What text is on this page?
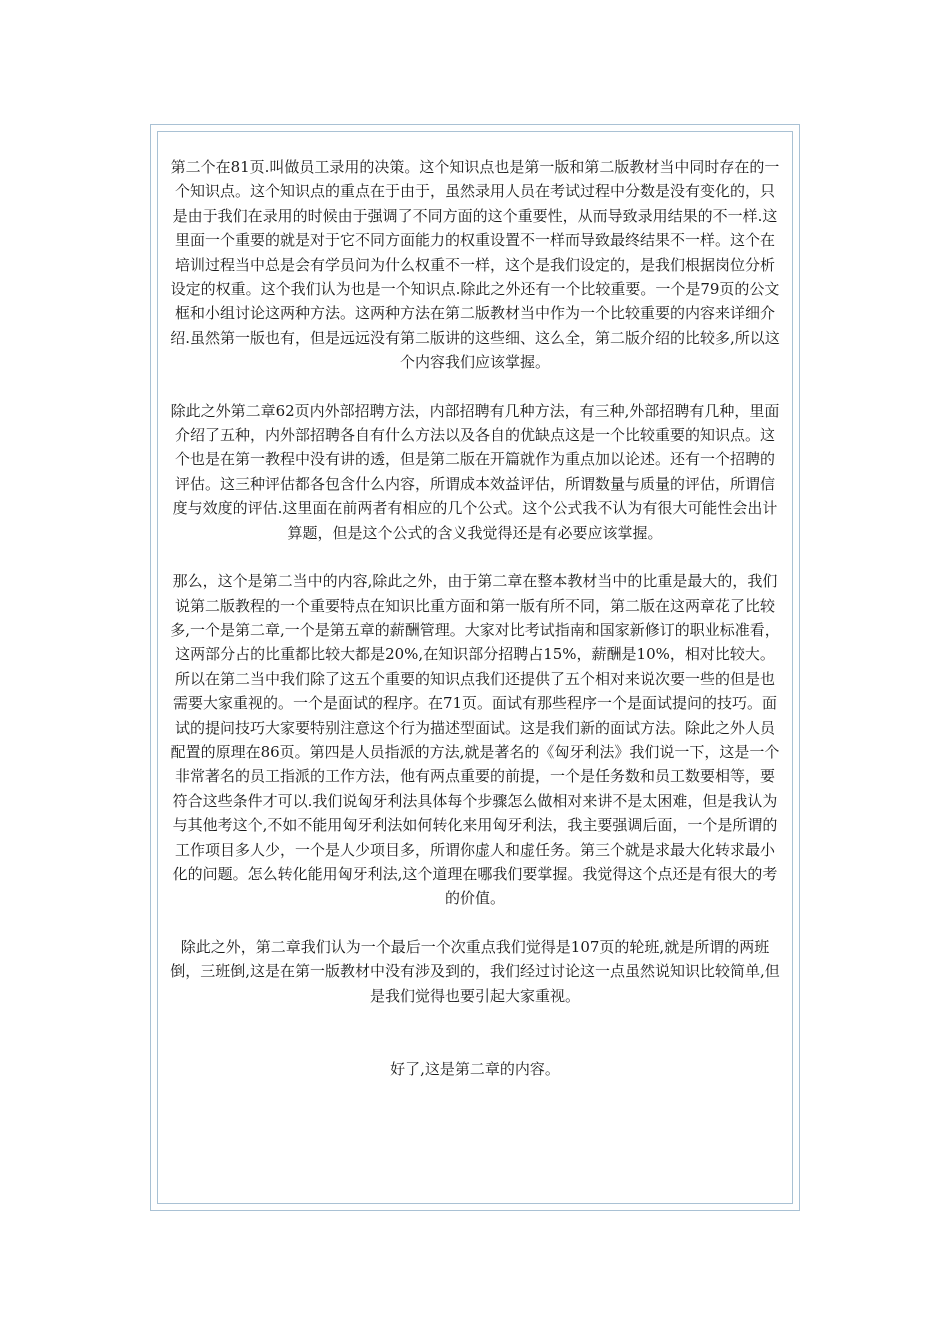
第二个在81页.叫做员工录用的决策。这个知识点也是第一版和第二版教材当中同时存在的一个知识点。这个知识点的重点在于由于，虽然录用人员在考试过程中分数是没有变化的，只是由于我们在录用的时候由于强调了不同方面的这个重要性，从而导致录用结果的不一样.这里面一个重要的就是对于它不同方面能力的权重设置不一样而导致最终结果不一样。这个在培训过程当中总是会有学员问为什么权重不一样，这个是我们设定的，是我们根据岗位分析设定的权重。这个我们认为也是一个知识点.除此之外还有一个比较重要。一个是79页的公文框和小组讨论这两种方法。这两种方法在第二版教材当中作为一个比较重要的内容来详细介绍.虽然第一版也有，但是远远没有第二版讲的这些细、这么全，第二版介绍的比较多,所以这个内容我们应该掌握。

除此之外第二章62页内外部招聘方法，内部招聘有几种方法，有三种,外部招聘有几种，里面介绍了五种，内外部招聘各自有什么方法以及各自的优缺点这是一个比较重要的知识点。这个也是在第一教程中没有讲的透，但是第二版在开篇就作为重点加以论述。还有一个招聘的评估。这三种评估都各包含什么内容，所谓成本效益评估，所谓数量与质量的评估，所谓信度与效度的评估.这里面在前两者有相应的几个公式。这个公式我不认为有很大可能性会出计算题，但是这个公式的含义我觉得还是有必要应该掌握。

那么，这个是第二当中的内容,除此之外，由于第二章在整本教材当中的比重是最大的，我们说第二版教程的一个重要特点在知识比重方面和第一版有所不同，第二版在这两章花了比较多,一个是第二章,一个是第五章的薪酬管理。大家对比考试指南和国家新修订的职业标准看，这两部分占的比重都比较大都是20%,在知识部分招聘占15%，薪酬是10%，相对比较大。所以在第二当中我们除了这五个重要的知识点我们还提供了五个相对来说次要一些的但是也需要大家重视的。一个是面试的程序。在71页。面试有那些程序一个是面试提问的技巧。面试的提问技巧大家要特别注意这个行为描述型面试。这是我们新的面试方法。除此之外人员配置的原理在86页。第四是人员指派的方法,就是著名的《匈牙利法》我们说一下，这是一个非常著名的员工指派的工作方法，他有两点重要的前提，一个是任务数和员工数要相等，要符合这些条件才可以.我们说匈牙利法具体每个步骤怎么做相对来讲不是太困难，但是我认为与其他考这个,不如不能用匈牙利法如何转化来用匈牙利法，我主要强调后面，一个是所谓的工作项目多人少，一个是人少项目多，所谓你虚人和虚任务。第三个就是求最大化转求最小化的问题。怎么转化能用匈牙利法,这个道理在哪我们要掌握。我觉得这个点还是有很大的考的价值。

除此之外，第二章我们认为一个最后一个次重点我们觉得是107页的轮班,就是所谓的两班倒，三班倒,这是在第一版教材中没有涉及到的，我们经过讨论这一点虽然说知识比较简单,但是我们觉得也要引起大家重视。

好了,这是第二章的内容。
